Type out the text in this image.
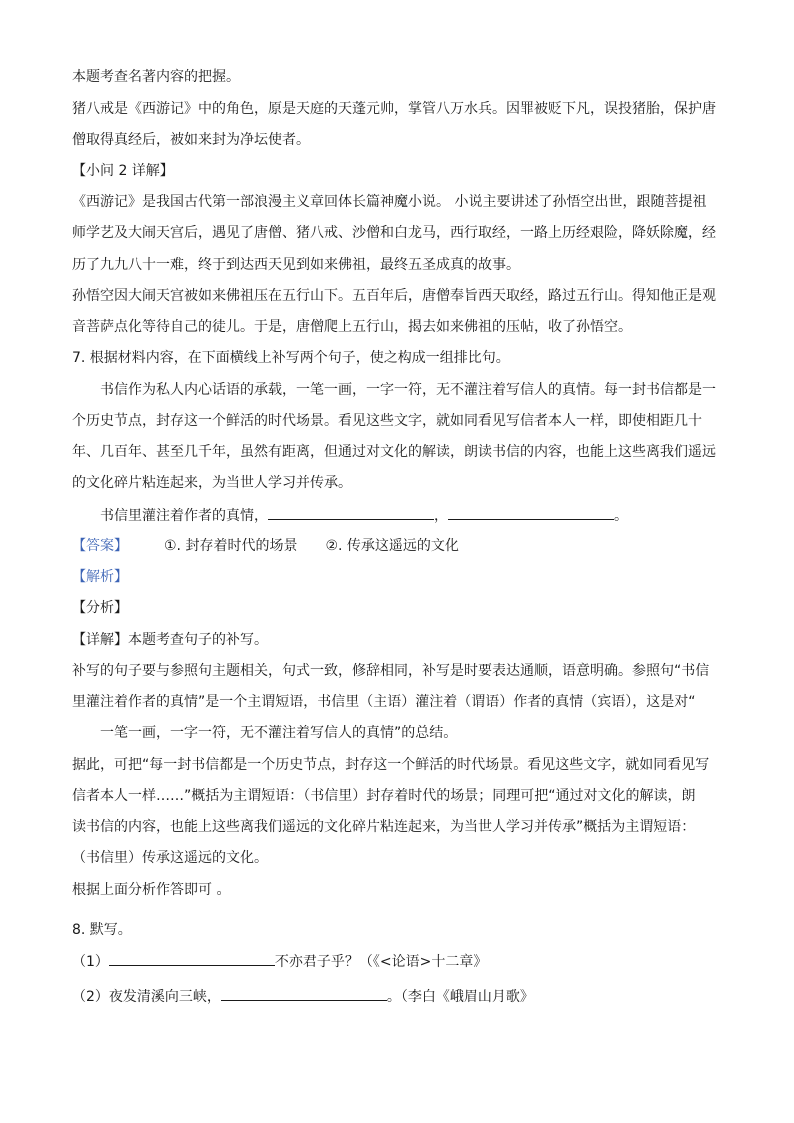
本题考查名著内容的把握。
猪八戒是《西游记》中的角色，原是天庭的天蓬元帅，掌管八万水兵。因罪被贬下凡，误投猪胎，保护唐
僧取得真经后，被如来封为净坛使者。
【小问 2 详解】
《西游记》是我国古代第一部浪漫主义章回体长篇神魔小说。 小说主要讲述了孙悟空出世，跟随菩提祖
师学艺及大闹天宫后，遇见了唐僧、猪八戒、沙僧和白龙马，西行取经，一路上历经艰险，降妖除魔，经
历了九九八十一难，终于到达西天见到如来佛祖，最终五圣成真的故事。
孙悟空因大闹天宫被如来佛祖压在五行山下。五百年后，唐僧奉旨西天取经，路过五行山。得知他正是观
音菩萨点化等待自己的徒儿。于是，唐僧爬上五行山，揭去如来佛祖的压帖，收了孙悟空。
7. 根据材料内容，在下面横线上补写两个句子，使之构成一组排比句。
书信作为私人内心话语的承载，一笔一画，一字一符，无不灌注着写信人的真情。每一封书信都是一
个历史节点，封存这一个鲜活的时代场景。看见这些文字，就如同看见写信者本人一样，即使相距几十
年、几百年、甚至几千年，虽然有距离，但通过对文化的解读，朗读书信的内容，也能上这些离我们遥远
的文化碎片粘连起来，为当世人学习并传承。
书信里灌注着作者的真情，	，	。
【答案】	①. 封存着时代的场景 ②. 传承这遥远的文化
【解析】
【分析】
【详解】本题考查句子的补写。
补写的句子要与参照句主题相关，句式一致，修辞相同，补写是时要表达通顺，语意明确。参照句“书信
里灌注着作者的真情”是一个主谓短语，书信里（主语）灌注着（谓语）作者的真情（宾语），这是对“
一笔一画，一字一符，无不灌注着写信人的真情”的总结。
据此，可把“每一封书信都是一个历史节点，封存这一个鲜活的时代场景。看见这些文字，就如同看见写
信者本人一样……”概括为主谓短语：（书信里）封存着时代的场景；同理可把“通过对文化的解读，朗
读书信的内容，也能上这些离我们遥远的文化碎片粘连起来，为当世人学习并传承”概括为主谓短语：
（书信里）传承这遥远的文化。
根据上面分析作答即可 。
8. 默写。
（1）	不亦君子乎？（《<论语>十二章》
（2）夜发清溪向三峡，	。（李白《峨眉山月歌》
